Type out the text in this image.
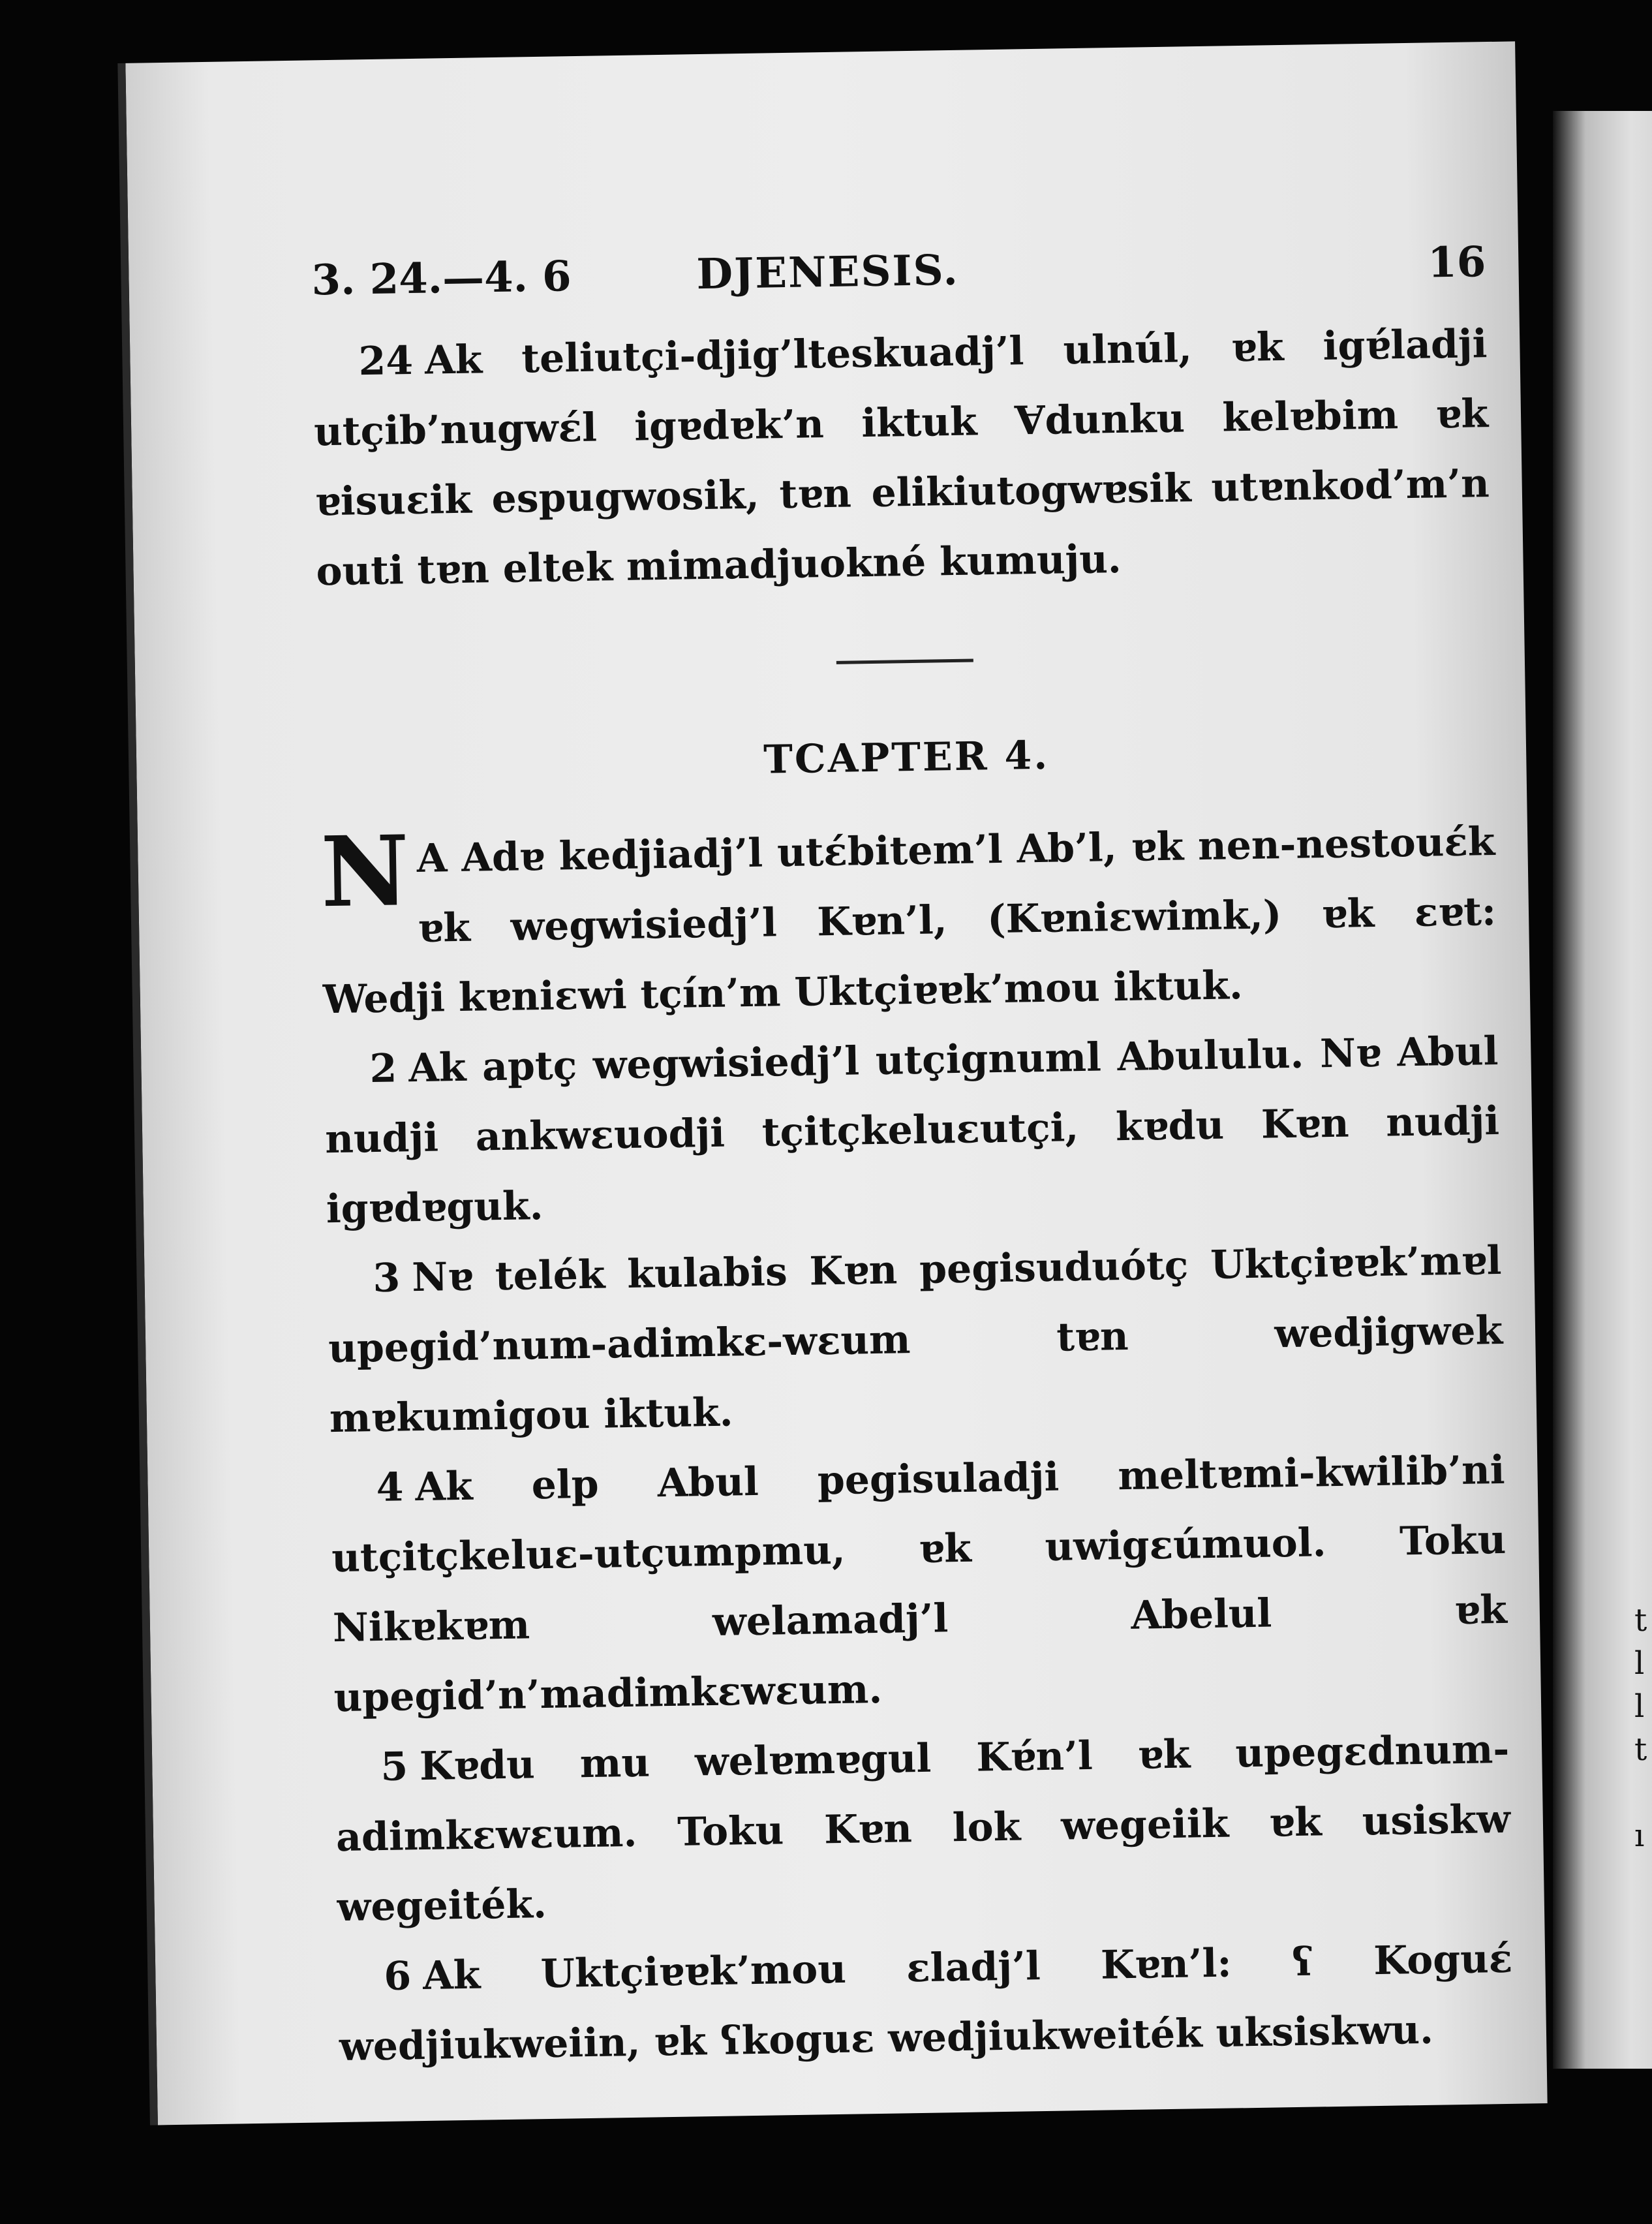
t
l
l
t

ı
3. 24.—4. 6	DJENESIS.	16

24 Ak teliutçi-djig’lteskuadj’l ulnúl, ɐk igɐ́ladji utçib’nugwɛ́l igɐdɐk’n iktuk Ɐdunku kelɐbim ɐk ɐisuɛik espugwosik, tɐn elikiutogwɐsik utɐnkod’m’n outi tɐn eltek mimadjuokné kumuju.

TCAPTER 4.

N A Adɐ kedjiadj’l utɛ́bitem’l Ab’l, ɐk nen-nestouɛ́k ɐk wegwisiedj’l Kɐn’l, (Kɐniɛwimk,) ɐk ɛɐt: Wedji kɐniɛwi tçín’m Uktçiɐɐk’mou iktuk.

2 Ak aptç wegwisiedj’l utçignuml Abululu. Nɐ Abul nudji ankwɛuodji tçitçkeluɛutçi, kɐdu Kɐn nudji igɐdɐguk.

3 Nɐ telék kulabis Kɐn pegisuduótç Uktçiɐɐk’mɐl upegid’num-adimkɛ-wɛum tɐn wedjigwek mɐkumigou iktuk.

4 Ak elp Abul pegisuladji meltɐmi-kwilib’ni utçitçkeluɛ-utçumpmu, ɐk uwigɛúmuol. Toku Nikɐkɐm welamadj’l Abelul ɐk upegid’n’madimkɛwɛum.

5 Kɐdu mu welɐmɐgul Kɐ́n’l ɐk upegɛdnum-adimkɛwɛum. Toku Kɐn lok wegeiik ɐk usiskw wegeiték.

6 Ak Uktçiɐɐk’mou ɛladj’l Kɐn’l: ʕ Koguɛ́ wedjiukweiin, ɐk ʕkoguɛ wedjiukweiték uksiskwu.
